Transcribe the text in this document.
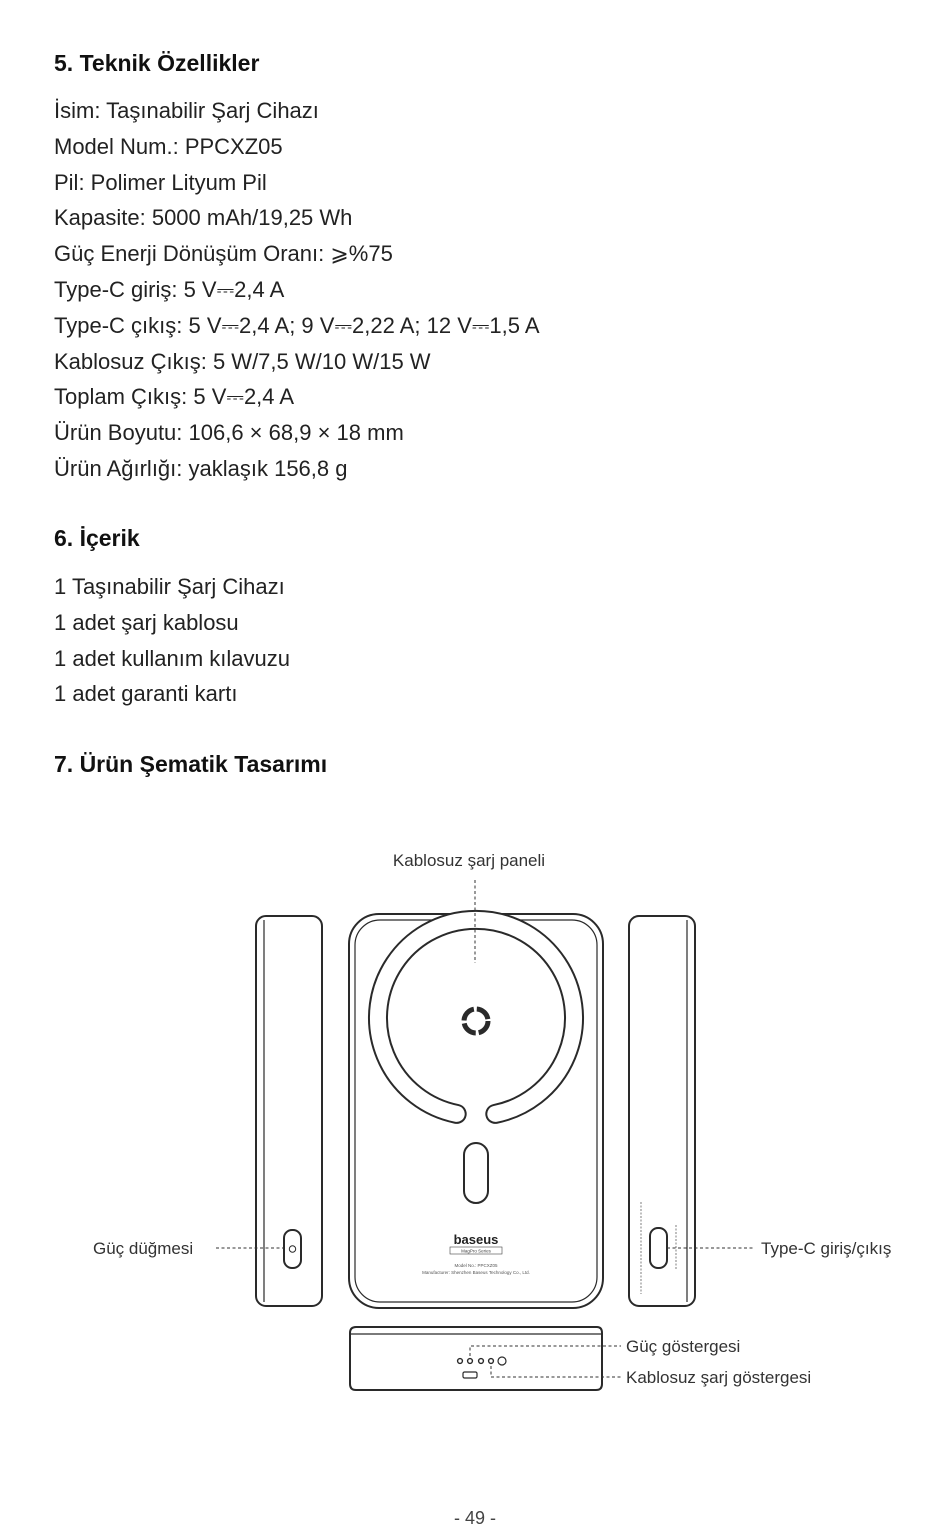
5. Teknik Özellikler
İsim: Taşınabilir Şarj Cihazı
Model Num.: PPCXZ05
Pil: Polimer Lityum Pil
Kapasite: 5000 mAh/19,25 Wh
Güç Enerji Dönüşüm Oranı: ⩾%75
Type-C giriş: 5 V⎓2,4 A
Type-C çıkış: 5 V⎓2,4 A; 9 V⎓2,22 A; 12 V⎓1,5 A
Kablosuz Çıkış: 5 W/7,5 W/10 W/15 W
Toplam Çıkış: 5 V⎓2,4 A
Ürün Boyutu: 106,6 × 68,9 × 18 mm
Ürün Ağırlığı: yaklaşık 156,8 g
6. İçerik
1 Taşınabilir Şarj Cihazı
1 adet şarj kablosu
1 adet kullanım kılavuzu
1 adet garanti kartı
7. Ürün Şematik Tasarımı
baseus
MagPro Series
Model No.: PPCXZ05
Manufacturer: Shenzhen Baseus Technology Co., Ltd.
Kablosuz şarj paneli
Güç düğmesi	Type-C giriş/çıkış
Güç göstergesi
Kablosuz şarj göstergesi
- 49 -
